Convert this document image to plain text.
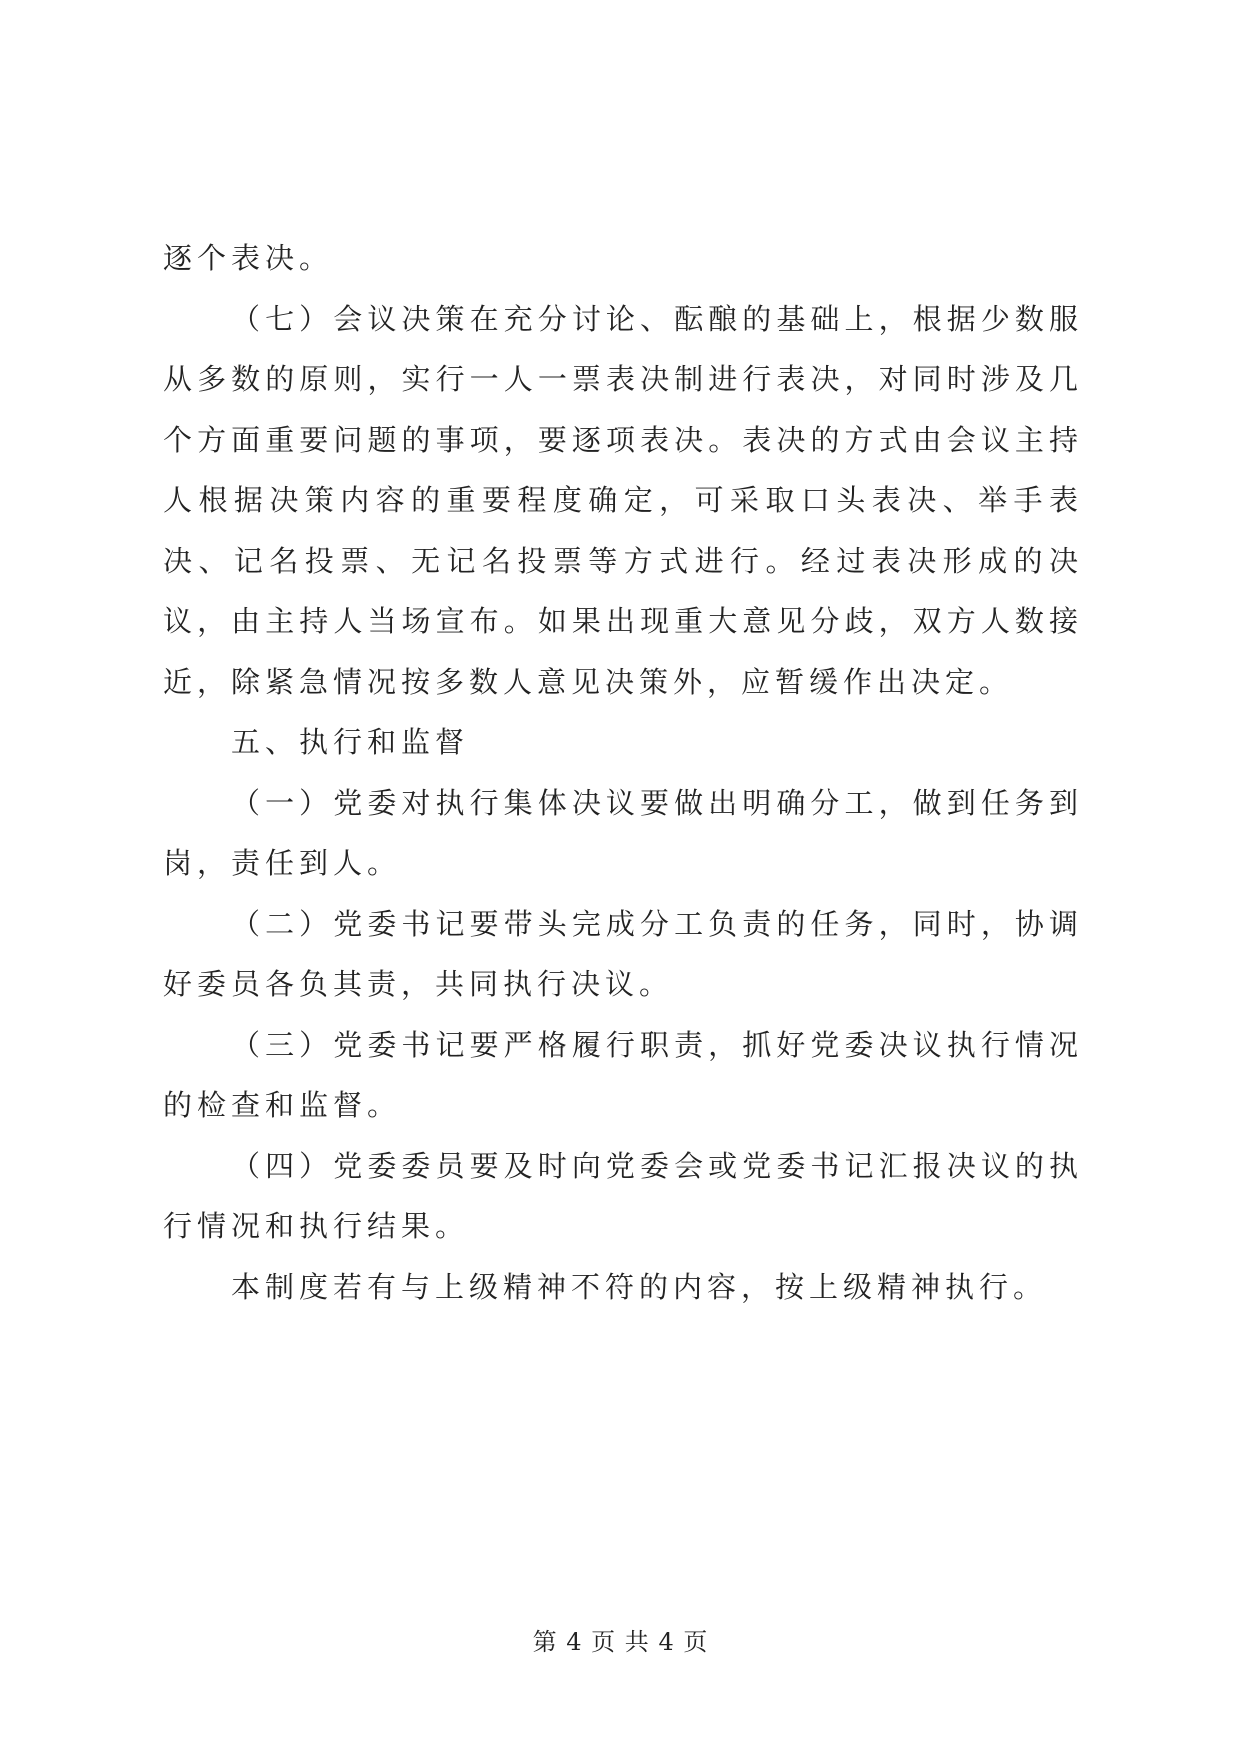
逐个表决。

（七）会议决策在充分讨论、酝酿的基础上，根据少数服从多数的原则，实行一人一票表决制进行表决，对同时涉及几个方面重要问题的事项，要逐项表决。表决的方式由会议主持人根据决策内容的重要程度确定，可采取口头表决、举手表决、记名投票、无记名投票等方式进行。经过表决形成的决议，由主持人当场宣布。如果出现重大意见分歧，双方人数接近，除紧急情况按多数人意见决策外，应暂缓作出决定。

五、执行和监督

（一）党委对执行集体决议要做出明确分工，做到任务到岗，责任到人。

（二）党委书记要带头完成分工负责的任务，同时，协调好委员各负其责，共同执行决议。

（三）党委书记要严格履行职责，抓好党委决议执行情况的检查和监督。

（四）党委委员要及时向党委会或党委书记汇报决议的执行情况和执行结果。

本制度若有与上级精神不符的内容，按上级精神执行。

第 4 页 共 4 页
